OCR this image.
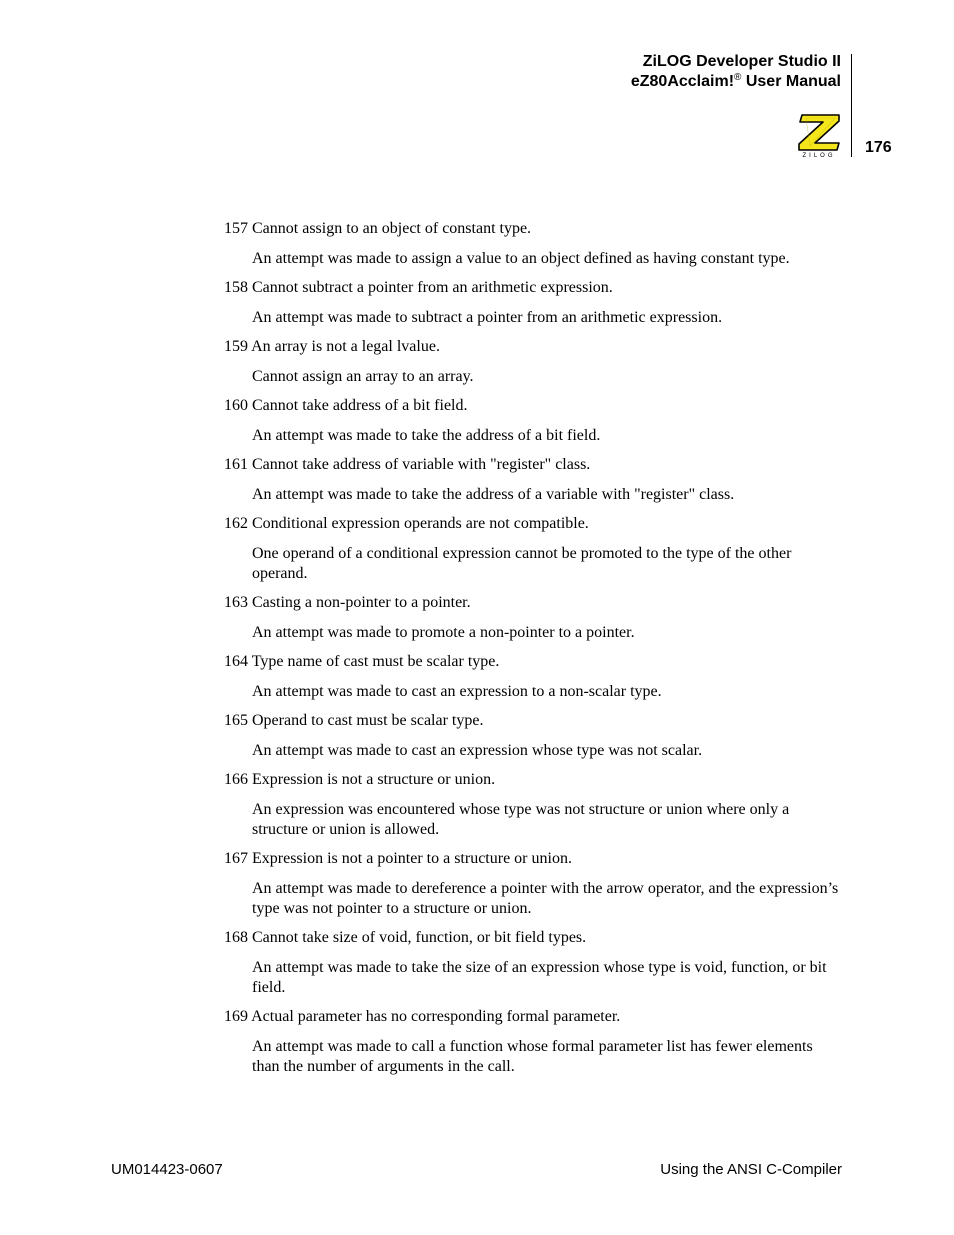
ZiLOG Developer Studio II
eZ80Acclaim!® User Manual
ZILOG	176
157 Cannot assign to an object of constant type.
An attempt was made to assign a value to an object defined as having constant type.
158 Cannot subtract a pointer from an arithmetic expression.
An attempt was made to subtract a pointer from an arithmetic expression.
159 An array is not a legal lvalue.
Cannot assign an array to an array.
160 Cannot take address of a bit field.
An attempt was made to take the address of a bit field.
161 Cannot take address of variable with "register" class.
An attempt was made to take the address of a variable with "register" class.
162 Conditional expression operands are not compatible.
One operand of a conditional expression cannot be promoted to the type of the other operand.
163 Casting a non-pointer to a pointer.
An attempt was made to promote a non-pointer to a pointer.
164 Type name of cast must be scalar type.
An attempt was made to cast an expression to a non-scalar type.
165 Operand to cast must be scalar type.
An attempt was made to cast an expression whose type was not scalar.
166 Expression is not a structure or union.
An expression was encountered whose type was not structure or union where only a structure or union is allowed.
167 Expression is not a pointer to a structure or union.
An attempt was made to dereference a pointer with the arrow operator, and the expression’s type was not pointer to a structure or union.
168 Cannot take size of void, function, or bit field types.
An attempt was made to take the size of an expression whose type is void, function, or bit field.
169 Actual parameter has no corresponding formal parameter.
An attempt was made to call a function whose formal parameter list has fewer elements than the number of arguments in the call.
UM014423-0607	Using the ANSI C-Compiler
